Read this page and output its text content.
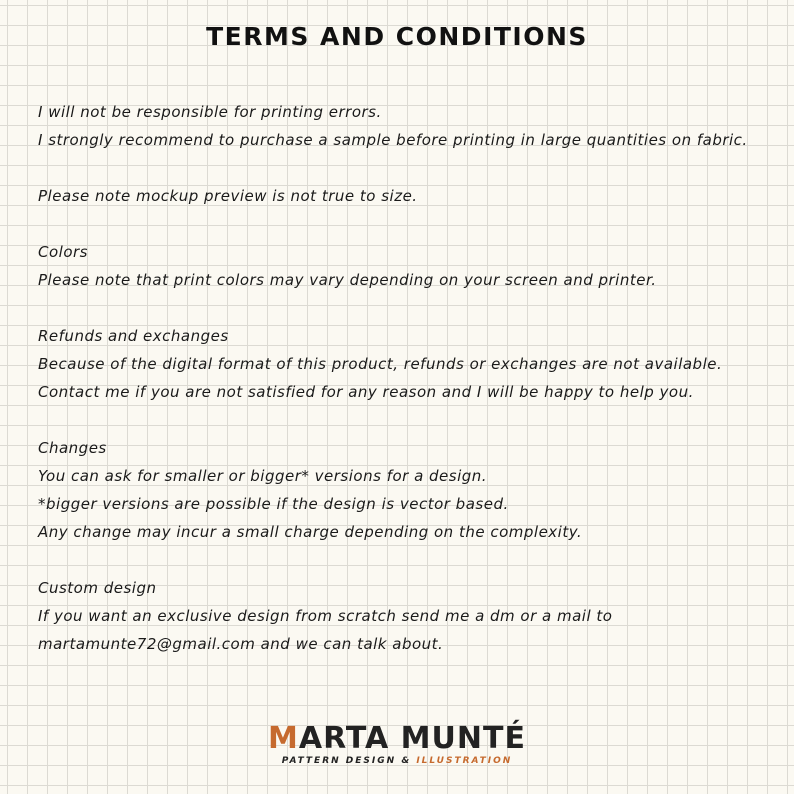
TERMS AND CONDITIONS
I will not be responsible for printing errors.
I strongly recommend to purchase a sample before printing in large quantities on fabric.
Please note mockup preview is not true to size.
Colors
Please note that print colors may vary depending on your screen and printer.
Refunds and exchanges
Because of the digital format of this product, refunds or exchanges are not available.
Contact me if you are not satisfied for any reason and I will be happy to help you.
Changes
You can ask for smaller or bigger* versions for a design.
*bigger versions are possible if the design is vector based.
Any change may incur a small charge depending on the complexity.
Custom design
If you want an exclusive design from scratch send me a dm or a mail to
martamunte72@gmail.com and we can talk about.
MARTA MUNTÉ
PATTERN DESIGN & ILLUSTRATION
